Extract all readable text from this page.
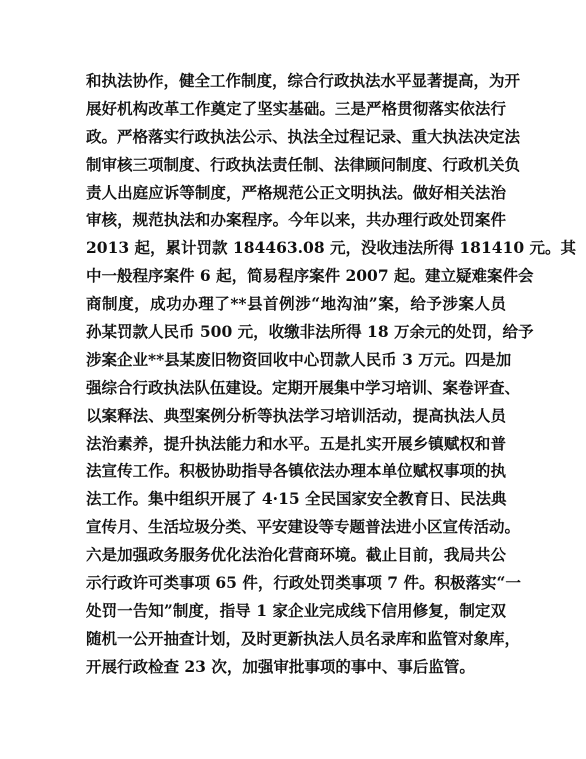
和执法协作，健全工作制度，综合行政执法水平显著提高，为开
展好机构改革工作奠定了坚实基础。三是严格贯彻落实依法行
政。严格落实行政执法公示、执法全过程记录、重大执法决定法
制审核三项制度、行政执法责任制、法律顾问制度、行政机关负
责人出庭应诉等制度，严格规范公正文明执法。做好相关法治
审核，规范执法和办案程序。今年以来，共办理行政处罚案件
2013 起，累计罚款 184463.08 元，没收违法所得 181410 元。其
中一般程序案件 6 起，简易程序案件 2007 起。建立疑难案件会
商制度，成功办理了**县首例涉“地沟油”案，给予涉案人员
孙某罚款人民币 500 元，收缴非法所得 18 万余元的处罚，给予
涉案企业**县某废旧物资回收中心罚款人民币 3 万元。四是加
强综合行政执法队伍建设。定期开展集中学习培训、案卷评查、
以案释法、典型案例分析等执法学习培训活动，提高执法人员
法治素养，提升执法能力和水平。五是扎实开展乡镇赋权和普
法宣传工作。积极协助指导各镇依法办理本单位赋权事项的执
法工作。集中组织开展了 4·15 全民国家安全教育日、民法典
宣传月、生活垃圾分类、平安建设等专题普法进小区宣传活动。
六是加强政务服务优化法治化营商环境。截止目前，我局共公
示行政许可类事项 65 件，行政处罚类事项 7 件。积极落实“一
处罚一告知”制度，指导 1 家企业完成线下信用修复，制定双
随机一公开抽查计划，及时更新执法人员名录库和监管对象库，
开展行政检查 23 次，加强审批事项的事中、事后监管。
